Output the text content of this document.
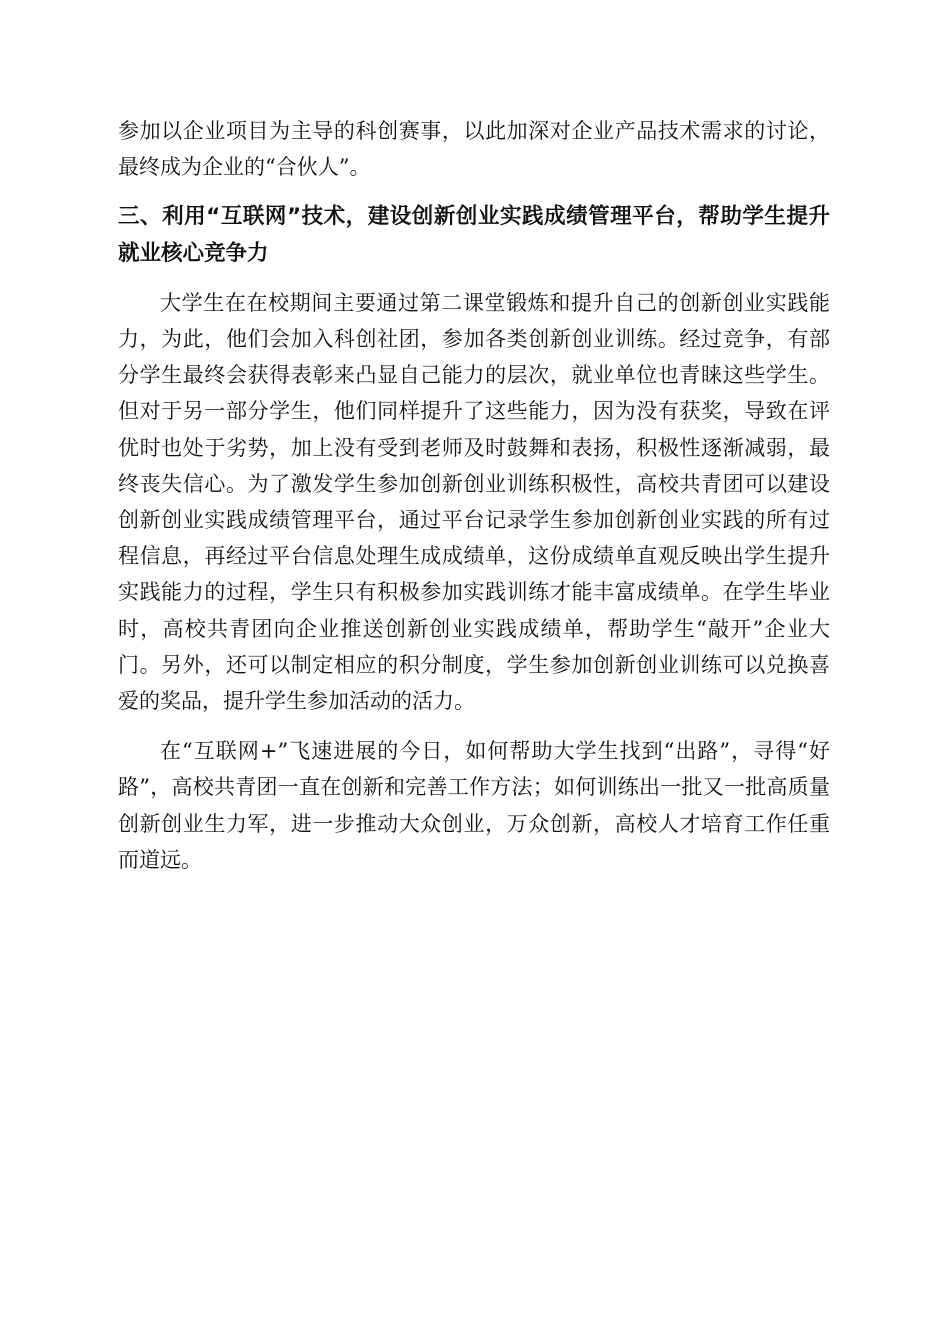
参加以企业项目为主导的科创赛事，以此加深对企业产品技术需求的讨论，最终成为企业的“合伙人”。

三、利用“互联网”技术，建设创新创业实践成绩管理平台，帮助学生提升就业核心竞争力

大学生在在校期间主要通过第二课堂锻炼和提升自己的创新创业实践能力，为此，他们会加入科创社团，参加各类创新创业训练。经过竞争，有部分学生最终会获得表彰来凸显自己能力的层次，就业单位也青睐这些学生。但对于另一部分学生，他们同样提升了这些能力，因为没有获奖，导致在评优时也处于劣势，加上没有受到老师及时鼓舞和表扬，积极性逐渐减弱，最终丧失信心。为了激发学生参加创新创业训练积极性，高校共青团可以建设创新创业实践成绩管理平台，通过平台记录学生参加创新创业实践的所有过程信息，再经过平台信息处理生成成绩单，这份成绩单直观反映出学生提升实践能力的过程，学生只有积极参加实践训练才能丰富成绩单。在学生毕业时，高校共青团向企业推送创新创业实践成绩单，帮助学生“敲开”企业大门。另外，还可以制定相应的积分制度，学生参加创新创业训练可以兑换喜爱的奖品，提升学生参加活动的活力。

在“互联网+”飞速进展的今日，如何帮助大学生找到“出路”，寻得“好路”，高校共青团一直在创新和完善工作方法；如何训练出一批又一批高质量创新创业生力军，进一步推动大众创业，万众创新，高校人才培育工作任重而道远。
